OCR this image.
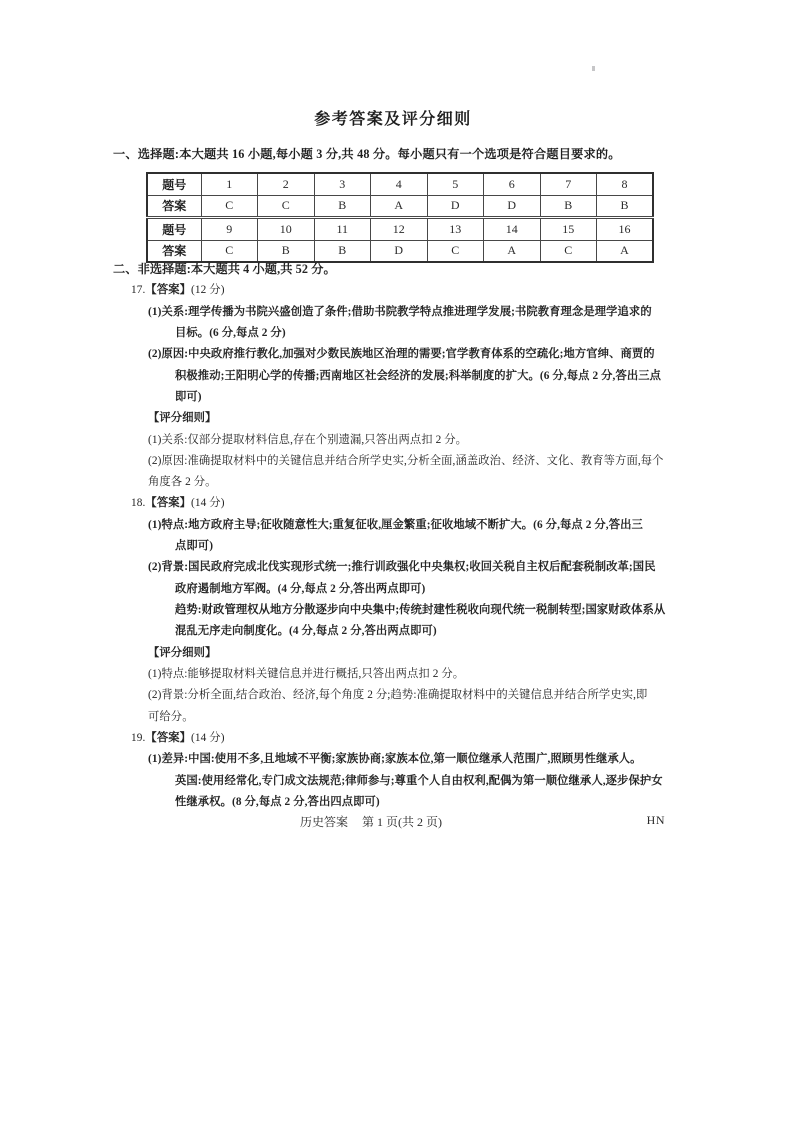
参考答案及评分细则
一、选择题:本大题共 16 小题,每小题 3 分,共 48 分。每小题只有一个选项是符合题目要求的。
题号	1	2	3	4	5	6	7	8
答案	C	C	B	A	D	D	B	B
题号	9	10	11	12	13	14	15	16
答案	C	B	B	D	C	A	C	A
二、非选择题:本大题共 4 小题,共 52 分。
17.【答案】(12 分)
(1)关系:理学传播为书院兴盛创造了条件;借助书院教学特点推进理学发展;书院教育理念是理学追求的
目标。(6 分,每点 2 分)
(2)原因:中央政府推行教化,加强对少数民族地区治理的需要;官学教育体系的空疏化;地方官绅、商贾的
积极推动;王阳明心学的传播;西南地区社会经济的发展;科举制度的扩大。(6 分,每点 2 分,答出三点
即可)
【评分细则】
(1)关系:仅部分提取材料信息,存在个别遗漏,只答出两点扣 2 分。
(2)原因:准确提取材料中的关键信息并结合所学史实,分析全面,涵盖政治、经济、文化、教育等方面,每个
角度各 2 分。
18.【答案】(14 分)
(1)特点:地方政府主导;征收随意性大;重复征收,厘金繁重;征收地域不断扩大。(6 分,每点 2 分,答出三
点即可)
(2)背景:国民政府完成北伐实现形式统一;推行训政强化中央集权;收回关税自主权后配套税制改革;国民
政府遏制地方军阀。(4 分,每点 2 分,答出两点即可)
趋势:财政管理权从地方分散逐步向中央集中;传统封建性税收向现代统一税制转型;国家财政体系从
混乱无序走向制度化。(4 分,每点 2 分,答出两点即可)
【评分细则】
(1)特点:能够提取材料关键信息并进行概括,只答出两点扣 2 分。
(2)背景:分析全面,结合政治、经济,每个角度 2 分;趋势:准确提取材料中的关键信息并结合所学史实,即
可给分。
19.【答案】(14 分)
(1)差异:中国:使用不多,且地域不平衡;家族协商;家族本位,第一顺位继承人范围广,照顾男性继承人。
英国:使用经常化,专门成文法规范;律师参与;尊重个人自由权利,配偶为第一顺位继承人,逐步保护女
性继承权。(8 分,每点 2 分,答出四点即可)
历史答案 第 1 页(共 2 页)	HN
